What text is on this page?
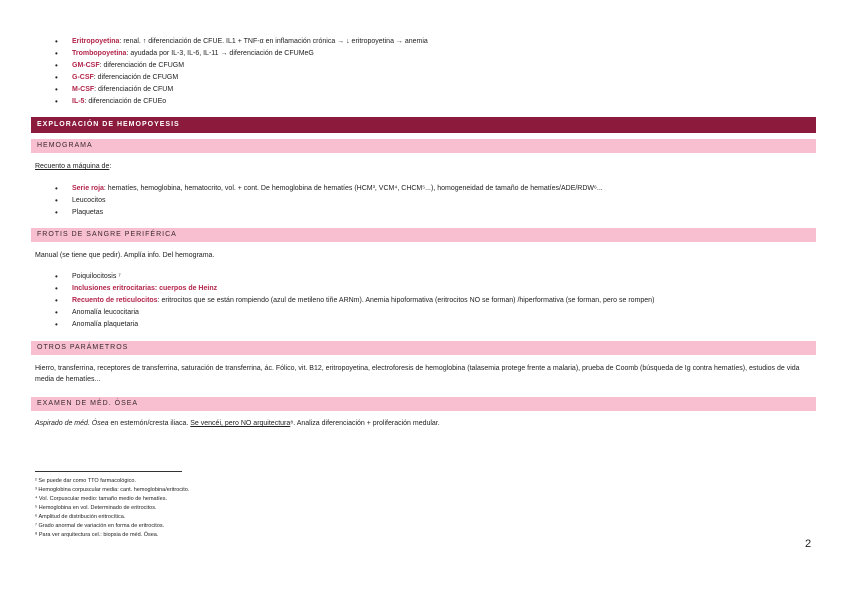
• Eritropoyetina: renal. ↑ diferenciación de CFUE. IL1 + TNF-α en inflamación crónica → ↓ eritropoyetina → anemia
• Trombopoyetina: ayudada por IL-3, IL-6, IL-11 → diferenciación de CFUMeG
• GM-CSF: diferenciación de CFUGM
• G-CSF: diferenciación de CFUGM
• M-CSF: diferenciación de CFUM
• IL-5: diferenciación de CFUEo
EXPLORACIÓN DE HEMOPOYESIS
HEMOGRAMA
Recuento a máquina de:
• Serie roja: hematíes, hemoglobina, hematocrito, vol. + cont. De hemoglobina de hematíes (HCM³, VCM⁴, CHCM⁵...), homogeneidad de tamaño de hematíes/ADE/RDW⁶...
• Leucocitos
• Plaquetas
FROTIS DE SANGRE PERIFÉRICA
Manual (se tiene que pedir). Amplía info. Del hemograma.
• Poiquilocitosis ⁷
• Inclusiones eritrocitarias: cuerpos de Heinz
• Recuento de reticulocitos: eritrocitos que se están rompiendo (azul de metileno tiñe ARNm). Anemia hipoformativa (eritrocitos NO se forman) /hiperformativa (se forman, pero se rompen)
• Anomalía leucocitaria
• Anomalía plaquetaria
OTROS PARÁMETROS
Hierro, transferrina, receptores de transferrina, saturación de transferrina, ác. Fólico, vit. B12, eritropoyetina, electroforesis de hemoglobina (talasemia protege frente a malaria), prueba de Coomb (búsqueda de Ig contra hematíes), estudios de vida media de hematíes...
EXAMEN DE MÉD. ÓSEA
Aspirado de méd. Ósea en esternón/cresta iliaca. Se vencéi, pero NO arquitectura⁸. Analiza diferenciación + proliferación medular.
² Se puede dar como TTO farmacológico.
³ Hemoglobina corpuscular media: cant. hemoglobina/eritrocito.
⁴ Vol. Corpuscular medio: tamaño medio de hematíes.
⁵ Hemoglobina en vol. Determinado de eritrocitos.
⁶ Amplitud de distribución eritrocítica.
⁷ Grado anormal de variación en forma de eritrocitos.
⁸ Para ver arquitectura cel.: biopsia de méd. Ósea.
2
